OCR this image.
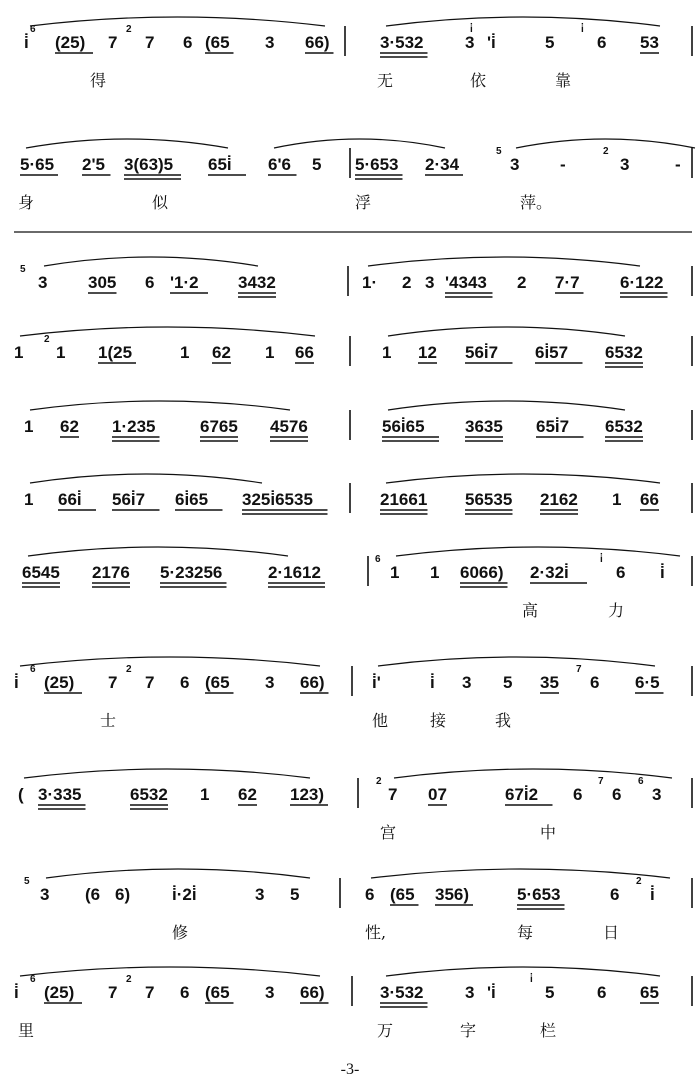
i̇ (25) 7 7 6 (65 3 66)	3·532 3 'i̇	5	6 53
6	2	i̇	i̇
得	无	依	靠
5·65 2'5 3(63)5 65i̇ 6'6 5 5·653 2·34	3 -	3	-
5	2
身	似	浮	萍。
3 305 6 '1·2 3432	1· 2 3 '4343 2 7·7 6·122
5
1 1 1(25	1 62 1 66	1 12 56i̇7 6i̇57 6532
2
1 62 1·235	6765 4576	56i̇65 3635 65i̇7 6532
1 66i̇ 56i̇7 6i̇65 325i̇6535	21661 56535 2162 1 66
6545 2176 5·23256	2·1612	1 1 6066) 2·32i̇	6 i̇
6	i̇
高	力
i̇ (25) 7 7 6 (65 3 66)	i̇'	i̇ 3 5 35 6 6·5
6	2	7
士	他	接	我
( 3·335	6532 1 62 123)	7 07	67i̇2 6 6 3
2	7	6
宫	中
3 (6 6) i̇·2i̇	3 5	6 (65 356)	5·653	6 i̇
5	2
修	性,	每	日
i̇ (25) 7 7 6 (65 3 66)	3·532 3 'i̇	5	6 65
6	2	i̇
里	万	字	栏
-3-
